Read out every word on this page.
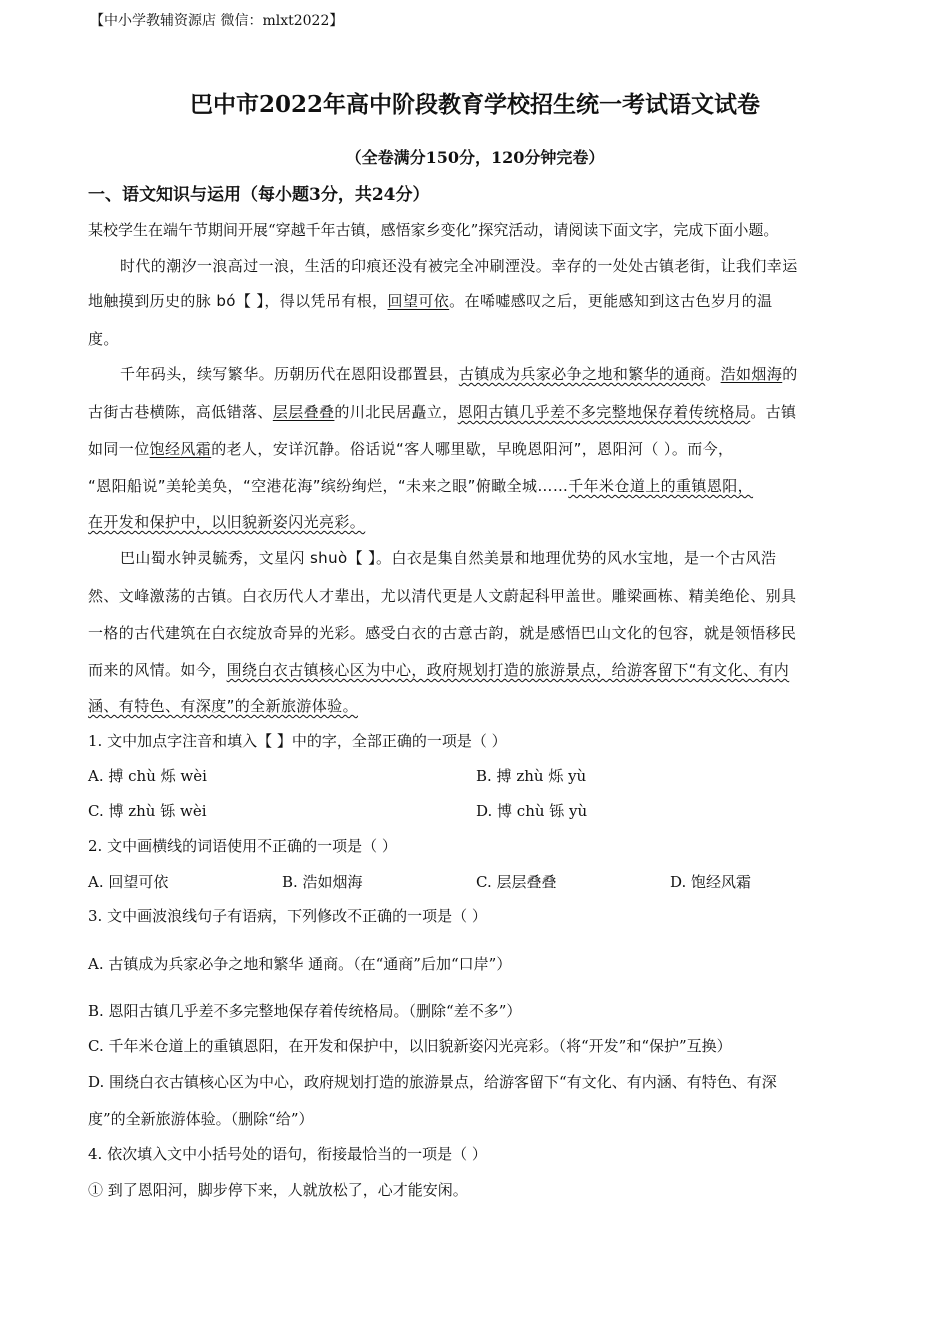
【中小学教辅资源店 微信：mlxt2022】
巴中市2022年高中阶段教育学校招生统一考试语文试卷
（全卷满分150分，120分钟完卷）
一、语文知识与运用（每小题3分，共24分）
某校学生在端午节期间开展“穿越千年古镇，感悟家乡变化”探究活动，请阅读下面文字，完成下面小题。
时代的潮汐一浪高过一浪，生活的印痕还没有被完全冲刷湮没。幸存的一处处古镇老街，让我们幸运
地触摸到历史的脉 bó【 】，得以凭吊有根，回望可依。在唏嘘感叹之后，更能感知到这古色岁月的温
度。
千年码头，续写繁华。历朝历代在恩阳设郡置县，古镇成为兵家必争之地和繁华的通商。浩如烟海的
古街古巷横陈，高低错落、层层叠叠的川北民居矗立，恩阳古镇几乎差不多完整地保存着传统格局。古镇
如同一位饱经风霜的老人，安详沉静。俗话说“客人哪里歇，早晚恩阳河”，恩阳河（ ）。而今，
“恩阳船说”美轮美奂，“空港花海”缤纷绚烂，“未来之眼”俯瞰全城……千年米仓道上的重镇恩阳，
在开发和保护中，以旧貌新姿闪光亮彩。
巴山蜀水钟灵毓秀，文星闪 shuò【 】。白衣是集自然美景和地理优势的风水宝地，是一个古风浩
然、文峰激荡的古镇。白衣历代人才辈出，尤以清代更是人文蔚起科甲盖世。雕梁画栋、精美绝伦、别具
一格的古代建筑在白衣绽放奇异的光彩。感受白衣的古意古韵，就是感悟巴山文化的包容，就是领悟移民
而来的风情。如今，围绕白衣古镇核心区为中心，政府规划打造的旅游景点，给游客留下“有文化、有内
涵、有特色、有深度”的全新旅游体验。
1. 文中加点字注音和填入【 】中的字，全部正确的一项是（ ）
A. 搏 chù 烁 wèi	B. 搏 zhù 烁 yù
C. 博 zhù 铄 wèi	D. 博 chù 铄 yù
2. 文中画横线的词语使用不正确的一项是（ ）
A. 回望可依	B. 浩如烟海	C. 层层叠叠	D. 饱经风霜
3. 文中画波浪线句子有语病，下列修改不正确的一项是（ ）
A. 古镇成为兵家必争之地和繁华 通商。（在“通商”后加“口岸”）
B. 恩阳古镇几乎差不多完整地保存着传统格局。（删除“差不多”）
C. 千年米仓道上的重镇恩阳，在开发和保护中，以旧貌新姿闪光亮彩。（将“开发”和“保护”互换）
D. 围绕白衣古镇核心区为中心，政府规划打造的旅游景点，给游客留下“有文化、有内涵、有特色、有深
度”的全新旅游体验。（删除“给”）
4. 依次填入文中小括号处的语句，衔接最恰当的一项是（ ）
① 到了恩阳河，脚步停下来，人就放松了，心才能安闲。
